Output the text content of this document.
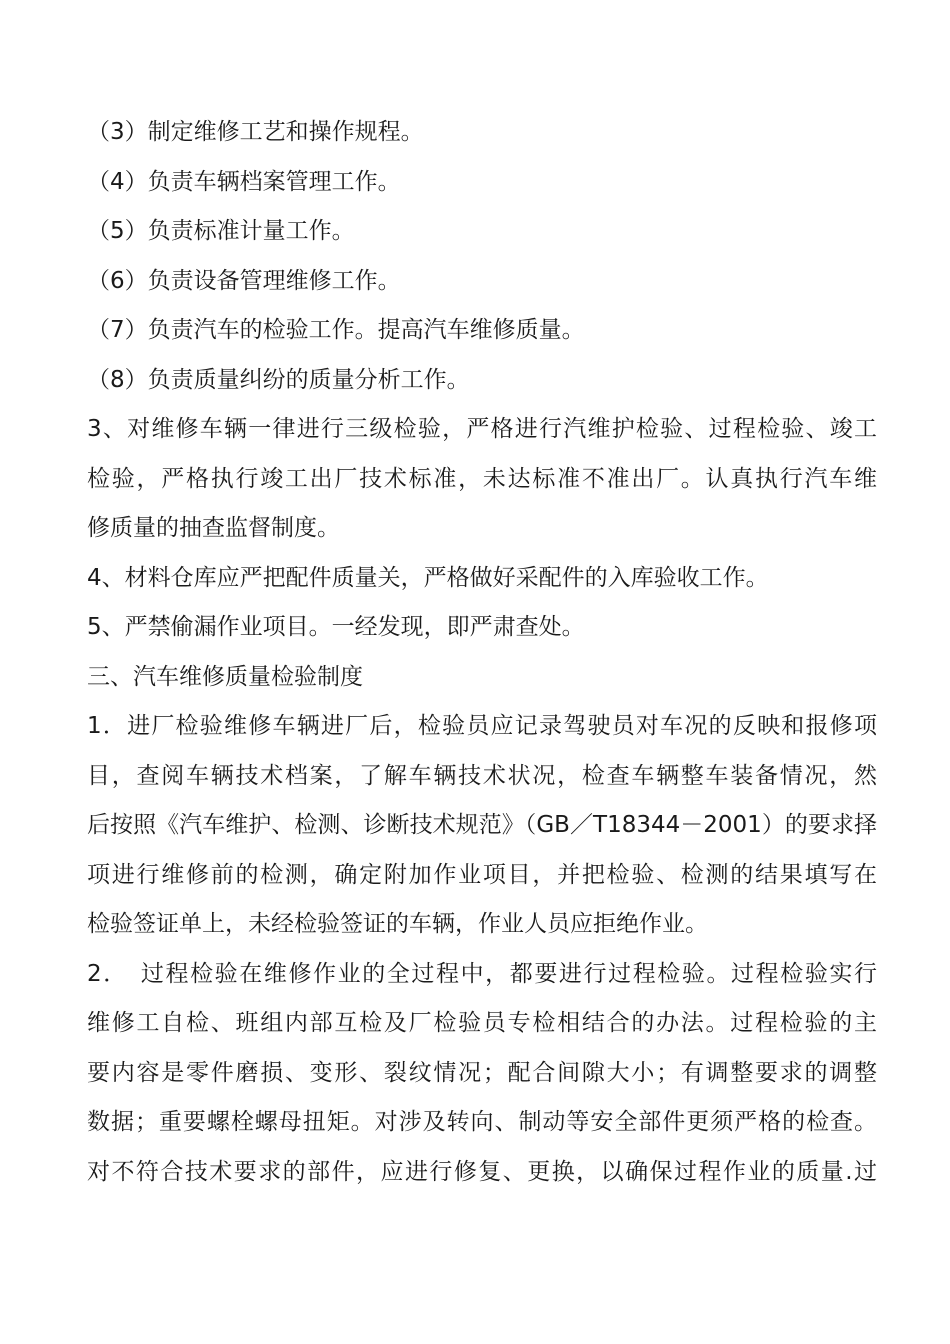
（3）制定维修工艺和操作规程。
（4）负责车辆档案管理工作。
（5）负责标准计量工作。
（6）负责设备管理维修工作。
（7）负责汽车的检验工作。提高汽车维修质量。
（8）负责质量纠纷的质量分析工作。
3、对维修车辆一律进行三级检验，严格进行汽维护检验、过程检验、竣工
检验，严格执行竣工出厂技术标准，未达标准不准出厂。认真执行汽车维
修质量的抽查监督制度。
4、材料仓库应严把配件质量关，严格做好采配件的入库验收工作。
5、严禁偷漏作业项目。一经发现，即严肃查处。
三、汽车维修质量检验制度
1．进厂检验维修车辆进厂后，检验员应记录驾驶员对车况的反映和报修项
目，查阅车辆技术档案，了解车辆技术状况，检查车辆整车装备情况，然
后按照《汽车维护、检测、诊断技术规范》（GB／T18344－2001）的要求择
项进行维修前的检测，确定附加作业项目，并把检验、检测的结果填写在
检验签证单上，未经检验签证的车辆，作业人员应拒绝作业。
2．　过程检验在维修作业的全过程中，都要进行过程检验。过程检验实行
维修工自检、班组内部互检及厂检验员专检相结合的办法。过程检验的主
要内容是零件磨损、变形、裂纹情况；配合间隙大小；有调整要求的调整
数据；重要螺栓螺母扭矩。对涉及转向、制动等安全部件更须严格的检查。
对不符合技术要求的部件，应进行修复、更换，以确保过程作业的质量.过
